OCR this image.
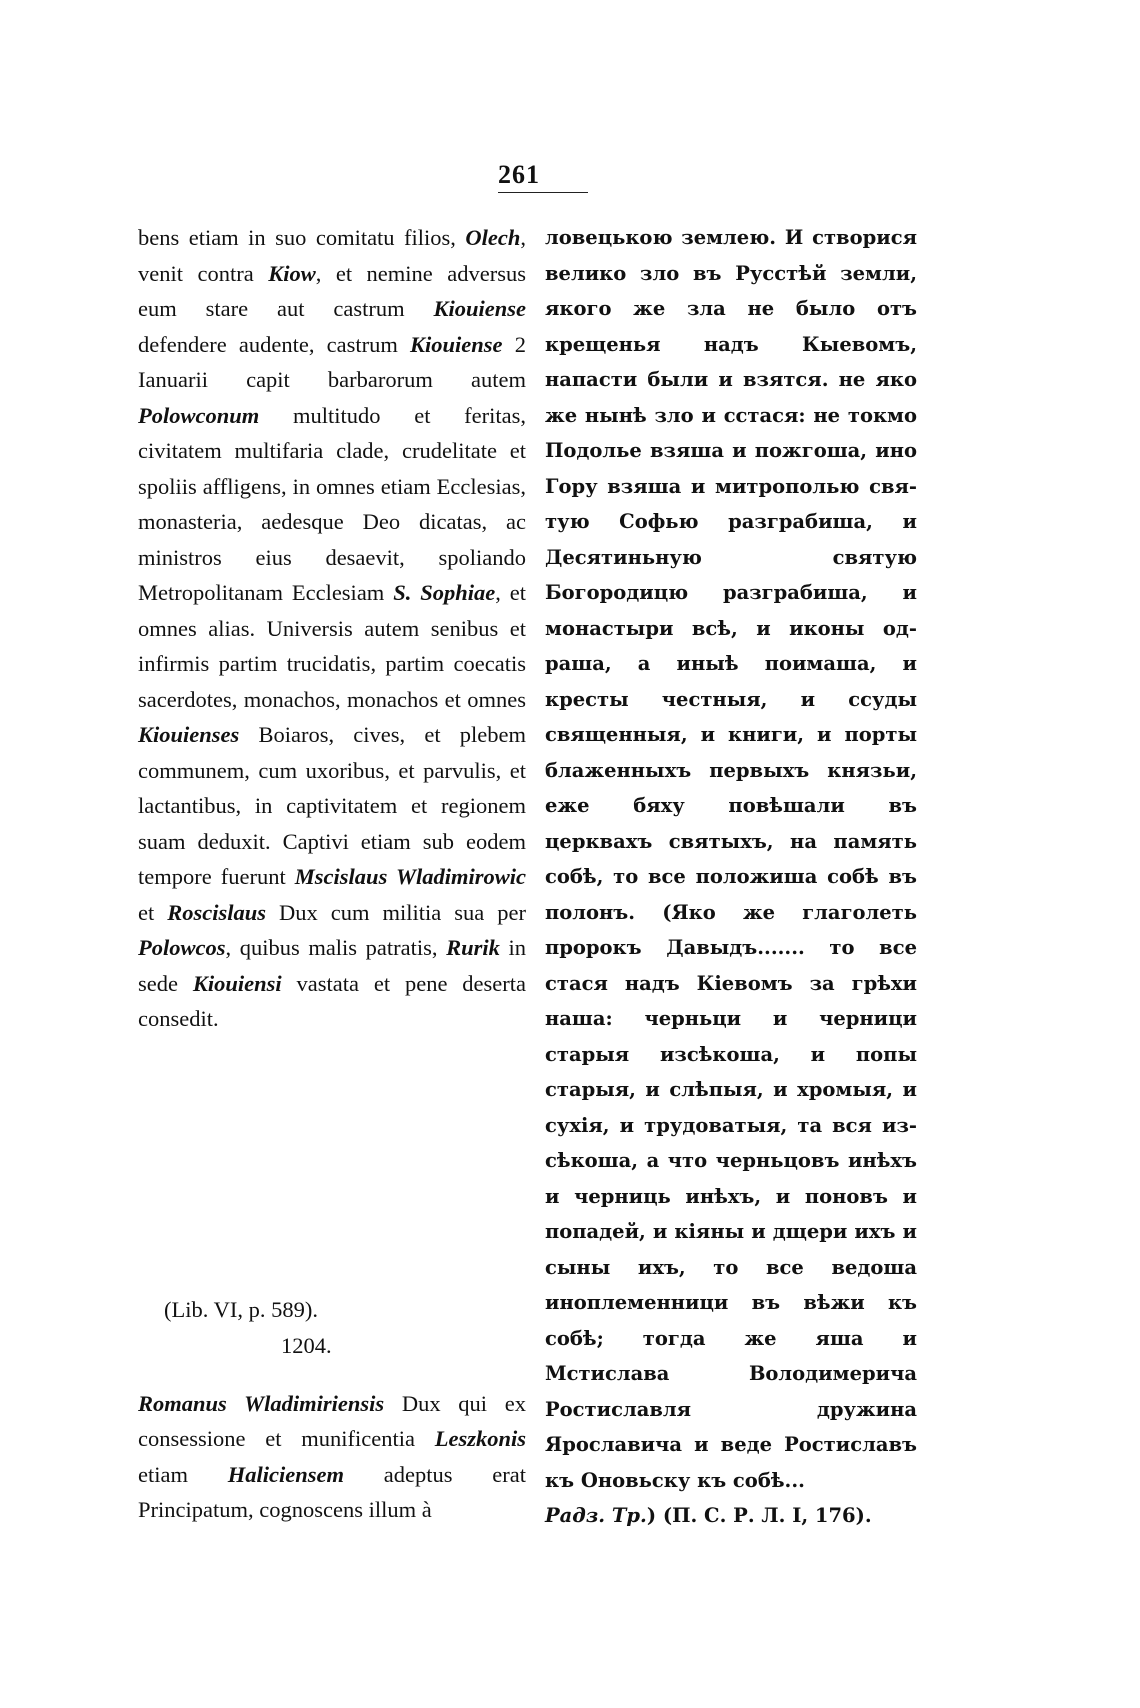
261

bens etiam in suo comitatu filios, Olech, venit contra Kiow, et nemine adversus eum stare aut castrum Kiouiense defendere audente, castrum Kiouiense 2 Ianuarii capit barbarorum autem Polowconum multitudo et feritas, civitatem multifaria clade, crudelitate et spoliis affligens, in omnes etiam Ecclesias, monasteria, aedesque Deo dicatas, ac ministros eius desaevit, spoliando Metropolitanam Ecclesiam S. Sophiae, et omnes alias. Universis autem senibus et infirmis partim trucidatis, partim coecatis sacerdotes, monachos, monachos et omnes Kiouienses Boiaros, cives, et plebem communem, cum uxoribus, et parvulis, et lactantibus, in captivitatem et regionem suam deduxit. Captivi etiam sub eodem tempore fuerunt Mscislaus Wladimirowic et Roscislaus Dux cum militia sua per Polowcos, quibus malis patratis, Rurik in sede Kiouiensi vastata et pene deserta consedit.

ловецькою землею. И створися велико зло въ Русстѣй земли, якого же зла не было отъ крещенья надъ Кыевомъ, напасти были и взятся. не яко же нынѣ зло и сстася: не токмо Подолье взяша и пожгоша, ино Гору взяша и митрополью святую Софью разграбиша, и Десятиньную святую Богородицю разграбиша, и монастыри всѣ, и иконы одраша, а иныѣ поимаша, и кресты честныя, и ссуды священныя, и книги, и порты блаженныхъ первыхъ князьи, еже бяху повѣшали въ церквахъ святыхъ, на память собѣ, то все положиша собѣ въ полонъ. (Яко же глаголеть пророкъ Давыдъ....... то все стася надъ Кіевомъ за грѣхи наша: черньци и черници старыя изсѣкоша, и попы старыя, и слѣпыя, и хромыя, и сухія, и трудоватыя, та вся изсѣкоша, а что черньцовъ инѣхъ и черниць инѣхъ, и поновъ и попадей, и кіяны и дщери ихъ и сыны ихъ, то все ведоша иноплеменници въ вѣжи къ собѣ; тогда же яша и Мстислава Володимерича Ростиславля дружина Ярославича и веде Ростиславъ къ Оновьску къ собѣ...

Радз. Тр.) (П. С. Р. Л. I, 176).

(Lib. VI, p. 589).
1204.

Romanus Wladimiriensis Dux qui ex consessione et munificentia Leszkonis etiam Haliciensem adeptus erat Principatum, cognoscens illum à
